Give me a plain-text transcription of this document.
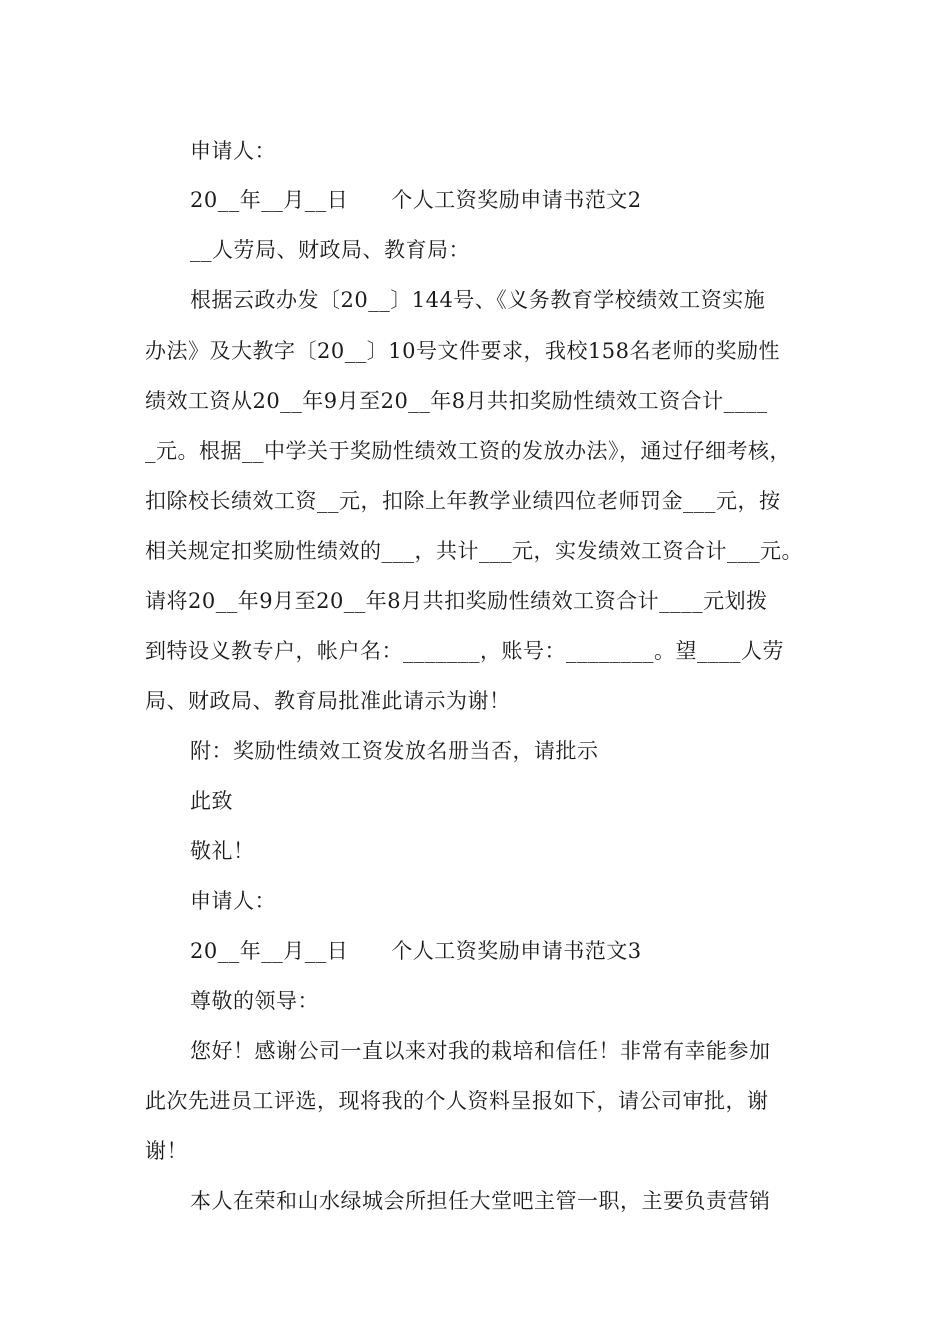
申请人：
20__年__月__日　　个人工资奖励申请书范文2
__人劳局、财政局、教育局：
根据云政办发〔20__〕144号、《义务教育学校绩效工资实施
办法》及大教字〔20__〕10号文件要求，我校158名老师的奖励性
绩效工资从20__年9月至20__年8月共扣奖励性绩效工资合计____
_元。根据__中学关于奖励性绩效工资的发放办法》，通过仔细考核，
扣除校长绩效工资__元，扣除上年教学业绩四位老师罚金___元，按
相关规定扣奖励性绩效的___，共计___元，实发绩效工资合计___元。
请将20__年9月至20__年8月共扣奖励性绩效工资合计____元划拨
到特设义教专户，帐户名：_______，账号：________。望____人劳
局、财政局、教育局批准此请示为谢！
附：奖励性绩效工资发放名册当否，请批示
此致
敬礼！
申请人：
20__年__月__日　　个人工资奖励申请书范文3
尊敬的领导：
您好！感谢公司一直以来对我的栽培和信任！非常有幸能参加
此次先进员工评选，现将我的个人资料呈报如下，请公司审批，谢
谢！
本人在荣和山水绿城会所担任大堂吧主管一职，主要负责营销
